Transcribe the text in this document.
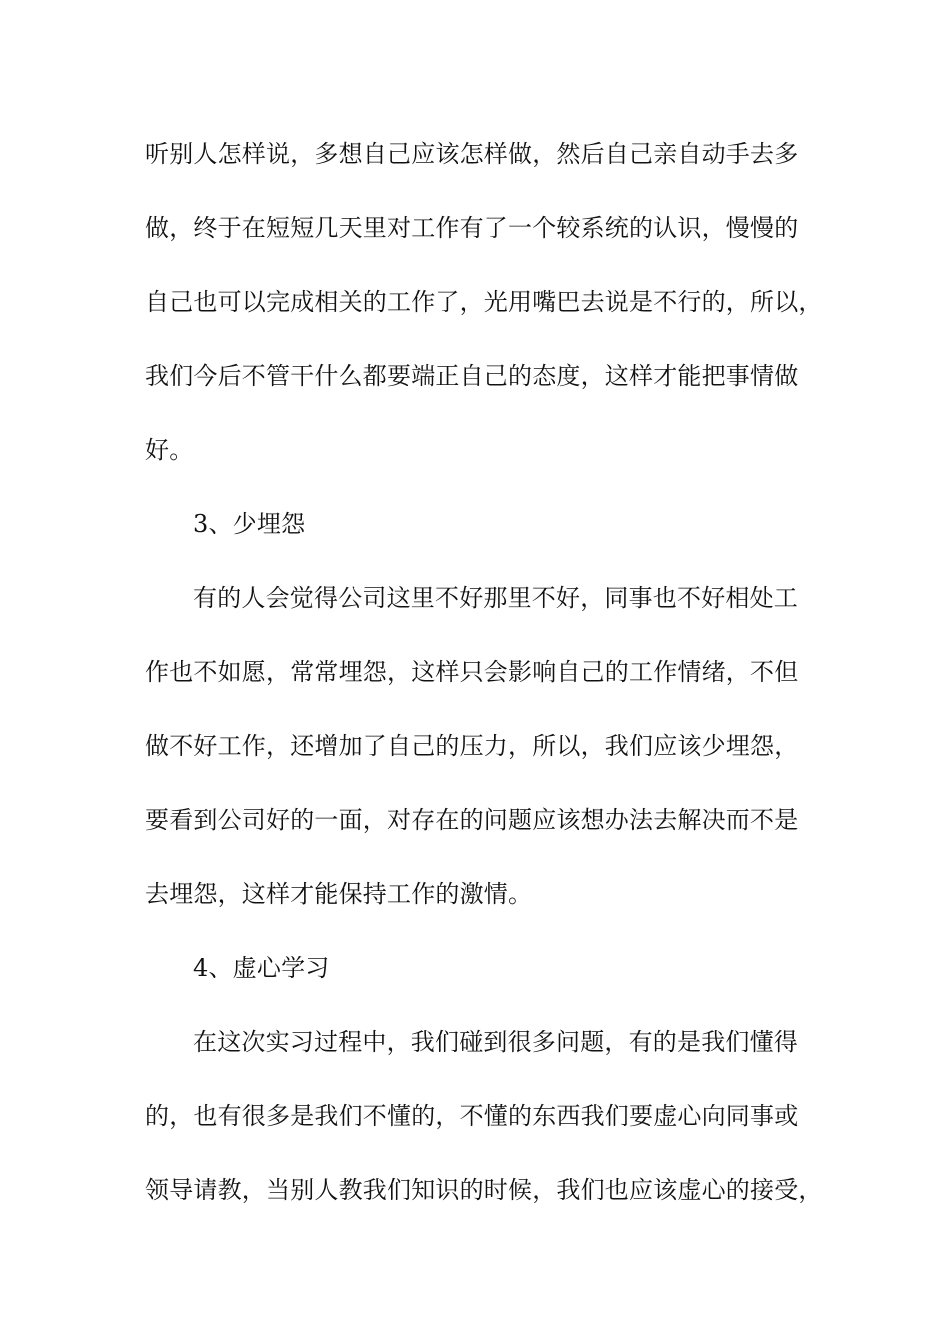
听别人怎样说，多想自己应该怎样做，然后自己亲自动手去多
做，终于在短短几天里对工作有了一个较系统的认识，慢慢的
自己也可以完成相关的工作了，光用嘴巴去说是不行的，所以，
我们今后不管干什么都要端正自己的态度，这样才能把事情做
好。
3、少埋怨
有的人会觉得公司这里不好那里不好，同事也不好相处工
作也不如愿，常常埋怨，这样只会影响自己的工作情绪，不但
做不好工作，还增加了自己的压力，所以，我们应该少埋怨，
要看到公司好的一面，对存在的问题应该想办法去解决而不是
去埋怨，这样才能保持工作的激情。
4、虚心学习
在这次实习过程中，我们碰到很多问题，有的是我们懂得
的，也有很多是我们不懂的，不懂的东西我们要虚心向同事或
领导请教，当别人教我们知识的时候，我们也应该虚心的接受，
